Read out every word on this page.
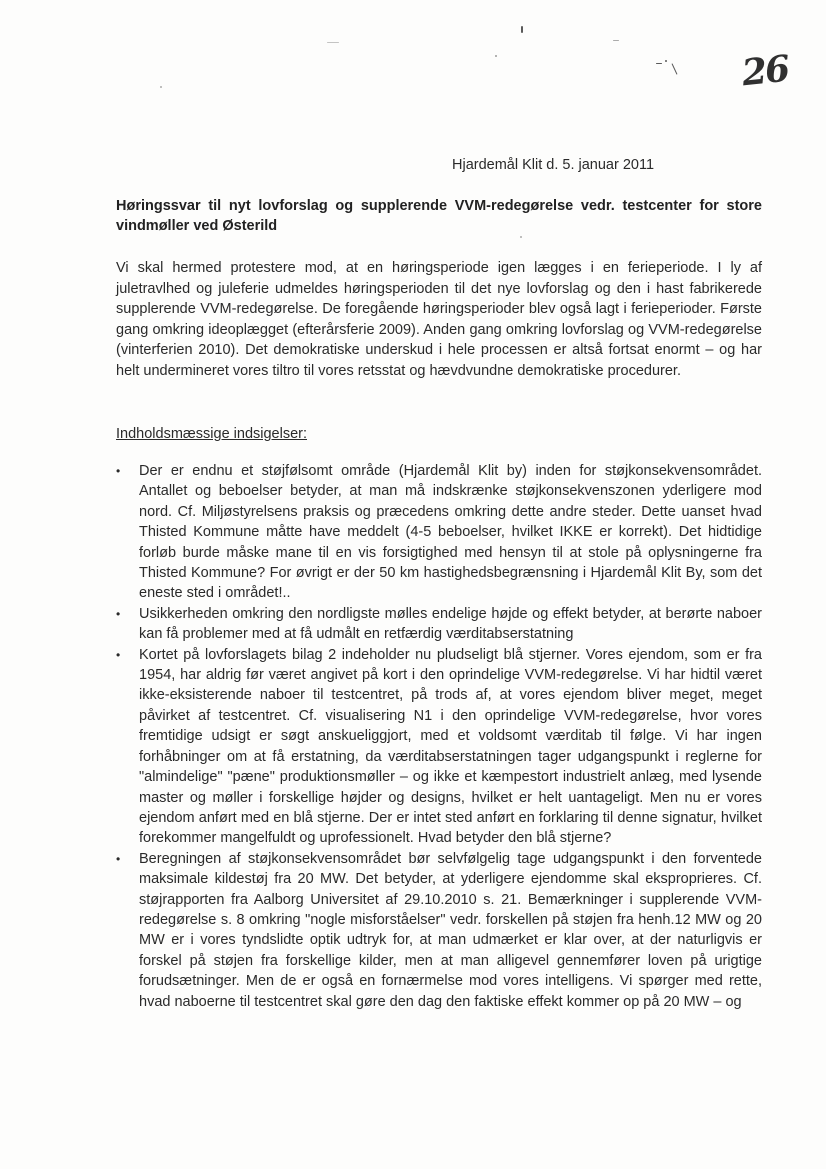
26
Hjardemål Klit d. 5. januar 2011
Høringssvar til nyt lovforslag og supplerende VVM-redegørelse vedr. testcenter for store vindmøller ved Østerild
Vi skal hermed protestere mod, at en høringsperiode igen lægges i en ferieperiode. I ly af juletravlhed og juleferie udmeldes høringsperioden til det nye lovforslag og den i hast fabrikerede supplerende VVM-redegørelse. De foregående høringsperioder blev også lagt i ferieperioder. Første gang omkring ideoplægget (efterårsferie 2009). Anden gang omkring lovforslag og VVM-redegørelse (vinterferien 2010). Det demokratiske underskud i hele processen er altså fortsat enormt – og har helt undermineret vores tiltro til vores retsstat og hævdvundne demokratiske procedurer.
Indholdsmæssige indsigelser:
• Der er endnu et støjfølsomt område (Hjardemål Klit by) inden for støjkonsekvensområdet. Antallet og beboelser betyder, at man må indskrænke støjkonsekvenszonen yderligere mod nord. Cf. Miljøstyrelsens praksis og præcedens omkring dette andre steder. Dette uanset hvad Thisted Kommune måtte have meddelt (4-5 beboelser, hvilket IKKE er korrekt). Det hidtidige forløb burde måske mane til en vis forsigtighed med hensyn til at stole på oplysningerne fra Thisted Kommune? For øvrigt er der 50 km hastighedsbegrænsning i Hjardemål Klit By, som det eneste sted i området!..
• Usikkerheden omkring den nordligste mølles endelige højde og effekt betyder, at berørte naboer kan få problemer med at få udmålt en retfærdig værditabserstatning
• Kortet på lovforslagets bilag 2 indeholder nu pludseligt blå stjerner. Vores ejendom, som er fra 1954, har aldrig før været angivet på kort i den oprindelige VVM-redegørelse. Vi har hidtil været ikke-eksisterende naboer til testcentret, på trods af, at vores ejendom bliver meget, meget påvirket af testcentret. Cf. visualisering N1 i den oprindelige VVM-redegørelse, hvor vores fremtidige udsigt er søgt anskueliggjort, med et voldsomt værditab til følge. Vi har ingen forhåbninger om at få erstatning, da værditabserstatningen tager udgangspunkt i reglerne for "almindelige" "pæne" produktionsmøller – og ikke et kæmpestort industrielt anlæg, med lysende master og møller i forskellige højder og designs, hvilket er helt uantageligt. Men nu er vores ejendom anført med en blå stjerne. Der er intet sted anført en forklaring til denne signatur, hvilket forekommer mangelfuldt og uprofessionelt. Hvad betyder den blå stjerne?
• Beregningen af støjkonsekvensområdet bør selvfølgelig tage udgangspunkt i den forventede maksimale kildestøj fra 20 MW. Det betyder, at yderligere ejendomme skal eksproprieres. Cf. støjrapporten fra Aalborg Universitet af 29.10.2010 s. 21. Bemærkninger i supplerende VVM-redegørelse s. 8 omkring "nogle misforståelser" vedr. forskellen på støjen fra henh.12 MW og 20 MW er i vores tyndslidte optik udtryk for, at man udmærket er klar over, at der naturligvis er forskel på støjen fra forskellige kilder, men at man alligevel gennemfører loven på urigtige forudsætninger. Men de er også en fornærmelse mod vores intelligens. Vi spørger med rette, hvad naboerne til testcentret skal gøre den dag den faktiske effekt kommer op på 20 MW – og
